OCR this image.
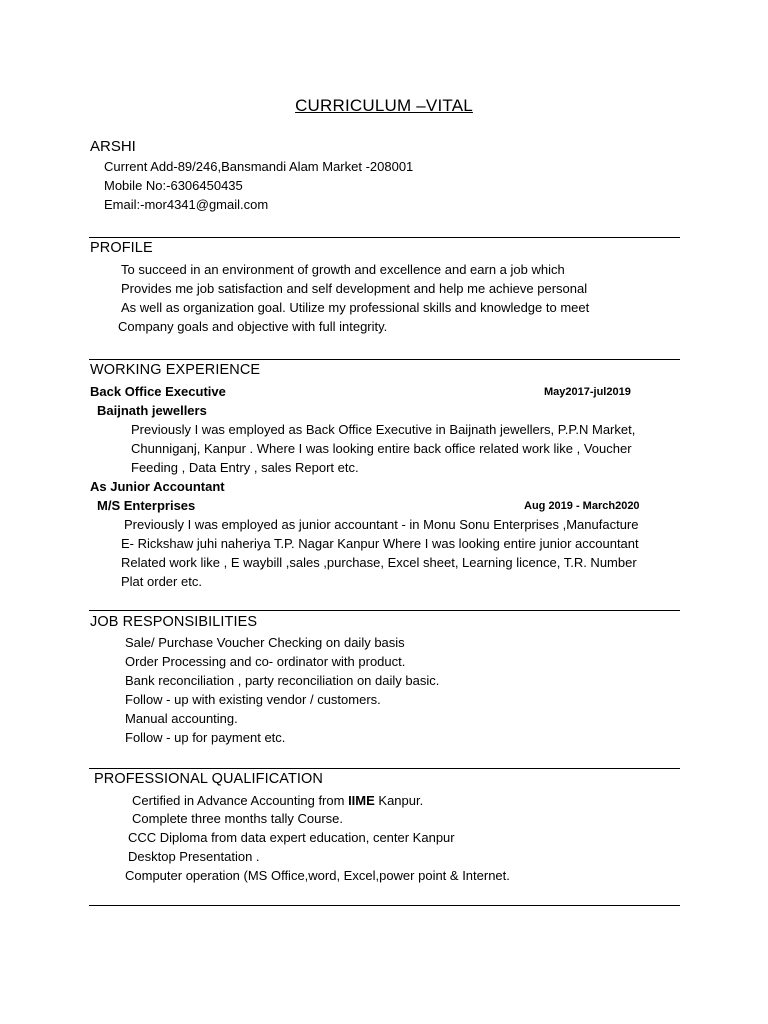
CURRICULUM –VITAL
ARSHI
Current Add-89/246,Bansmandi Alam Market -208001
Mobile No:-6306450435
Email:-mor4341@gmail.com
PROFILE
To succeed in an environment of growth and excellence and earn a job which
Provides me job satisfaction and self development and help me achieve personal
As well as organization goal. Utilize my professional skills and knowledge to meet
Company goals and objective with full integrity.
WORKING EXPERIENCE
Back Office Executive	May2017-jul2019
Baijnath jewellers
Previously I was employed as Back Office Executive in Baijnath jewellers, P.P.N Market,
Chunniganj, Kanpur . Where I was looking entire back office related work like , Voucher
Feeding , Data Entry , sales Report etc.
As Junior Accountant
M/S Enterprises	Aug 2019 - March2020
Previously I was employed as junior accountant - in Monu Sonu Enterprises ,Manufacture
E- Rickshaw juhi naheriya T.P. Nagar Kanpur Where I was looking entire junior accountant
Related work like , E waybill ,sales ,purchase, Excel sheet, Learning licence, T.R. Number
Plat order etc.
JOB RESPONSIBILITIES
Sale/ Purchase Voucher Checking on daily basis
Order Processing and co- ordinator with product.
Bank reconciliation , party reconciliation on daily basic.
Follow - up with existing vendor / customers.
Manual accounting.
Follow - up for payment etc.
PROFESSIONAL QUALIFICATION
Certified in Advance Accounting from IIME Kanpur.
Complete three months tally Course.
CCC Diploma from data expert education, center Kanpur
Desktop Presentation .
Computer operation (MS Office,word, Excel,power point & Internet.
